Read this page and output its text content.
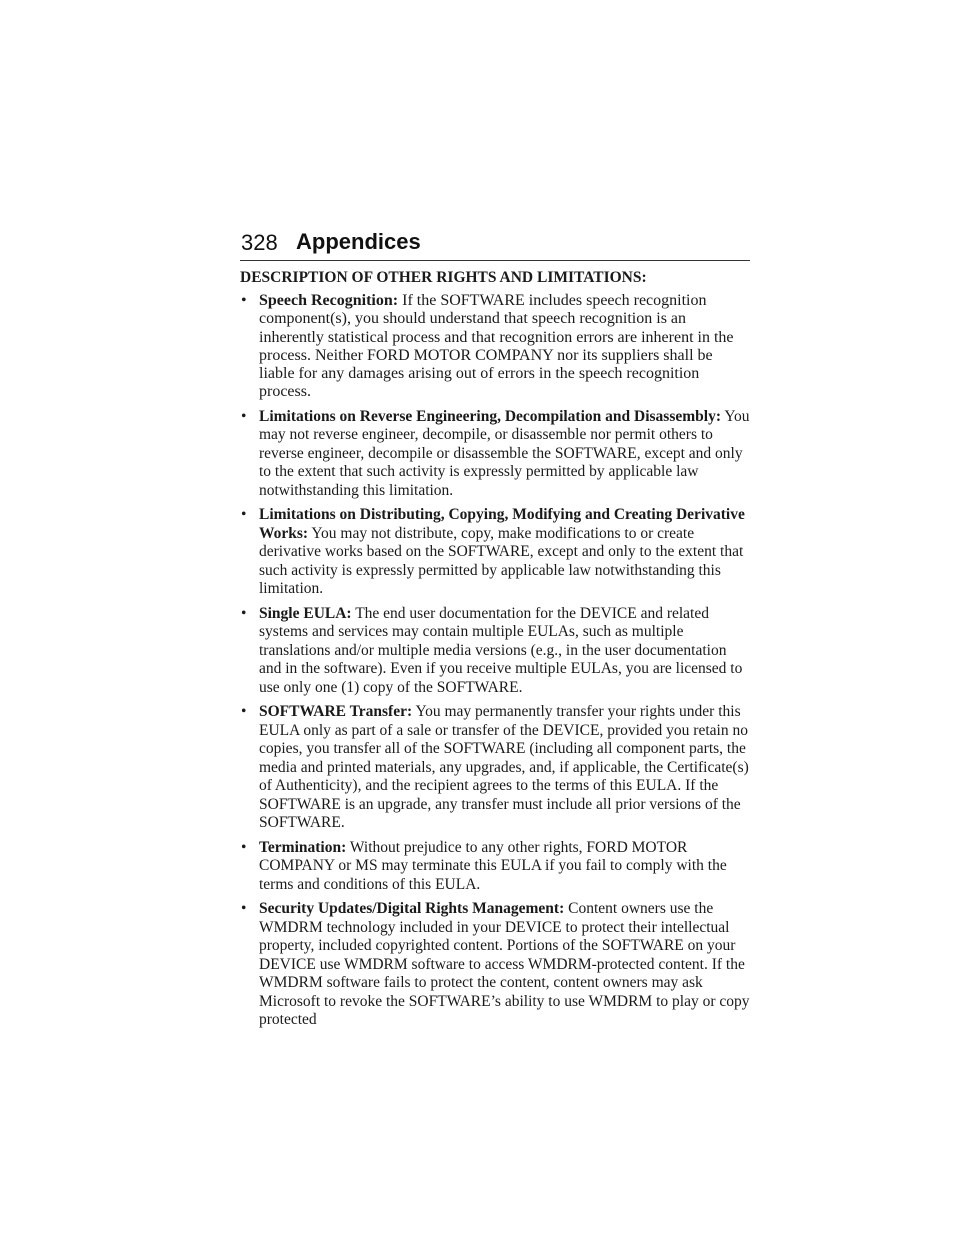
328 Appendices
DESCRIPTION OF OTHER RIGHTS AND LIMITATIONS:
• Speech Recognition: If the SOFTWARE includes speech recognition component(s), you should understand that speech recognition is an inherently statistical process and that recognition errors are inherent in the process. Neither FORD MOTOR COMPANY nor its suppliers shall be liable for any damages arising out of errors in the speech recognition process.
• Limitations on Reverse Engineering, Decompilation and Disassembly: You may not reverse engineer, decompile, or disassemble nor permit others to reverse engineer, decompile or disassemble the SOFTWARE, except and only to the extent that such activity is expressly permitted by applicable law notwithstanding this limitation.
• Limitations on Distributing, Copying, Modifying and Creating Derivative Works: You may not distribute, copy, make modifications to or create derivative works based on the SOFTWARE, except and only to the extent that such activity is expressly permitted by applicable law notwithstanding this limitation.
• Single EULA: The end user documentation for the DEVICE and related systems and services may contain multiple EULAs, such as multiple translations and/or multiple media versions (e.g., in the user documentation and in the software). Even if you receive multiple EULAs, you are licensed to use only one (1) copy of the SOFTWARE.
• SOFTWARE Transfer: You may permanently transfer your rights under this EULA only as part of a sale or transfer of the DEVICE, provided you retain no copies, you transfer all of the SOFTWARE (including all component parts, the media and printed materials, any upgrades, and, if applicable, the Certificate(s) of Authenticity), and the recipient agrees to the terms of this EULA. If the SOFTWARE is an upgrade, any transfer must include all prior versions of the SOFTWARE.
• Termination: Without prejudice to any other rights, FORD MOTOR COMPANY or MS may terminate this EULA if you fail to comply with the terms and conditions of this EULA.
• Security Updates/Digital Rights Management: Content owners use the WMDRM technology included in your DEVICE to protect their intellectual property, included copyrighted content. Portions of the SOFTWARE on your DEVICE use WMDRM software to access WMDRM-protected content. If the WMDRM software fails to protect the content, content owners may ask Microsoft to revoke the SOFTWARE’s ability to use WMDRM to play or copy protected
